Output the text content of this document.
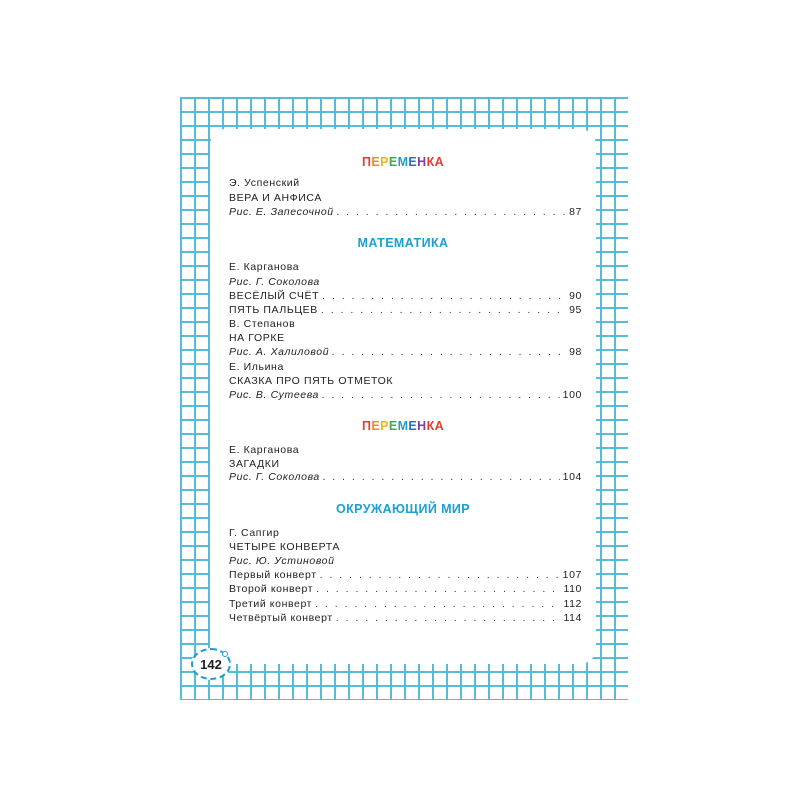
ПЕРЕМЕНКА
Э. Успенский
ВЕРА И АНФИСА
Рис. Е. Запесочной . . .	87
МАТЕМАТИКА
Е. Карганова
Рис. Г. Соколова
ВЕСЁЛЫЙ СЧЁТ . . .	90
ПЯТЬ ПАЛЬЦЕВ . . .	95
В. Степанов
НА ГОРКЕ
Рис. А. Халиловой . . .	98
Е. Ильина
СКАЗКА ПРО ПЯТЬ ОТМЕТОК
Рис. В. Сутеева . . .	100
ПЕРЕМЕНКА
Е. Карганова
ЗАГАДКИ
Рис. Г. Соколова . . .	104
ОКРУЖАЮЩИЙ МИР
Г. Сапгир
ЧЕТЫРЕ КОНВЕРТА
Рис. Ю. Устиновой
Первый конверт . . .	107
Второй конверт . . .	110
Третий конверт . . .	112
Четвёртый конверт . . .	114
142
